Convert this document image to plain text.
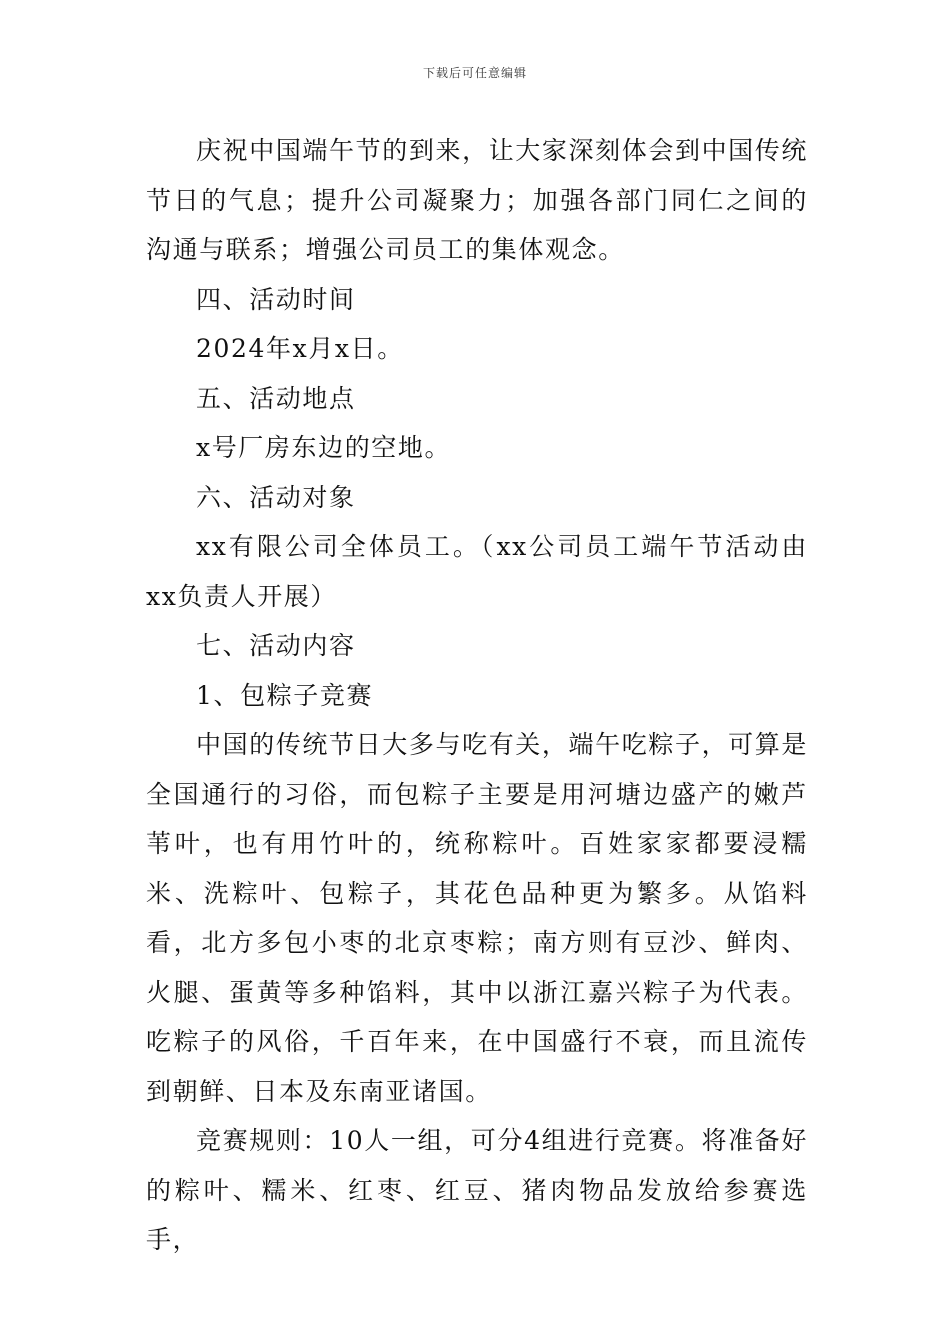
下载后可任意编辑

庆祝中国端午节的到来，让大家深刻体会到中国传统节日的气息；提升公司凝聚力；加强各部门同仁之间的沟通与联系；增强公司员工的集体观念。

四、活动时间

2024年x月x日。

五、活动地点

x号厂房东边的空地。

六、活动对象

xx有限公司全体员工。（xx公司员工端午节活动由xx负责人开展）

七、活动内容

1、包粽子竞赛

中国的传统节日大多与吃有关，端午吃粽子，可算是全国通行的习俗，而包粽子主要是用河塘边盛产的嫩芦苇叶，也有用竹叶的，统称粽叶。百姓家家都要浸糯米、洗粽叶、包粽子，其花色品种更为繁多。从馅料看，北方多包小枣的北京枣粽；南方则有豆沙、鲜肉、火腿、蛋黄等多种馅料，其中以浙江嘉兴粽子为代表。吃粽子的风俗，千百年来，在中国盛行不衰，而且流传到朝鲜、日本及东南亚诸国。

竞赛规则：10人一组，可分4组进行竞赛。将准备好的粽叶、糯米、红枣、红豆、猪肉物品发放给参赛选手，
